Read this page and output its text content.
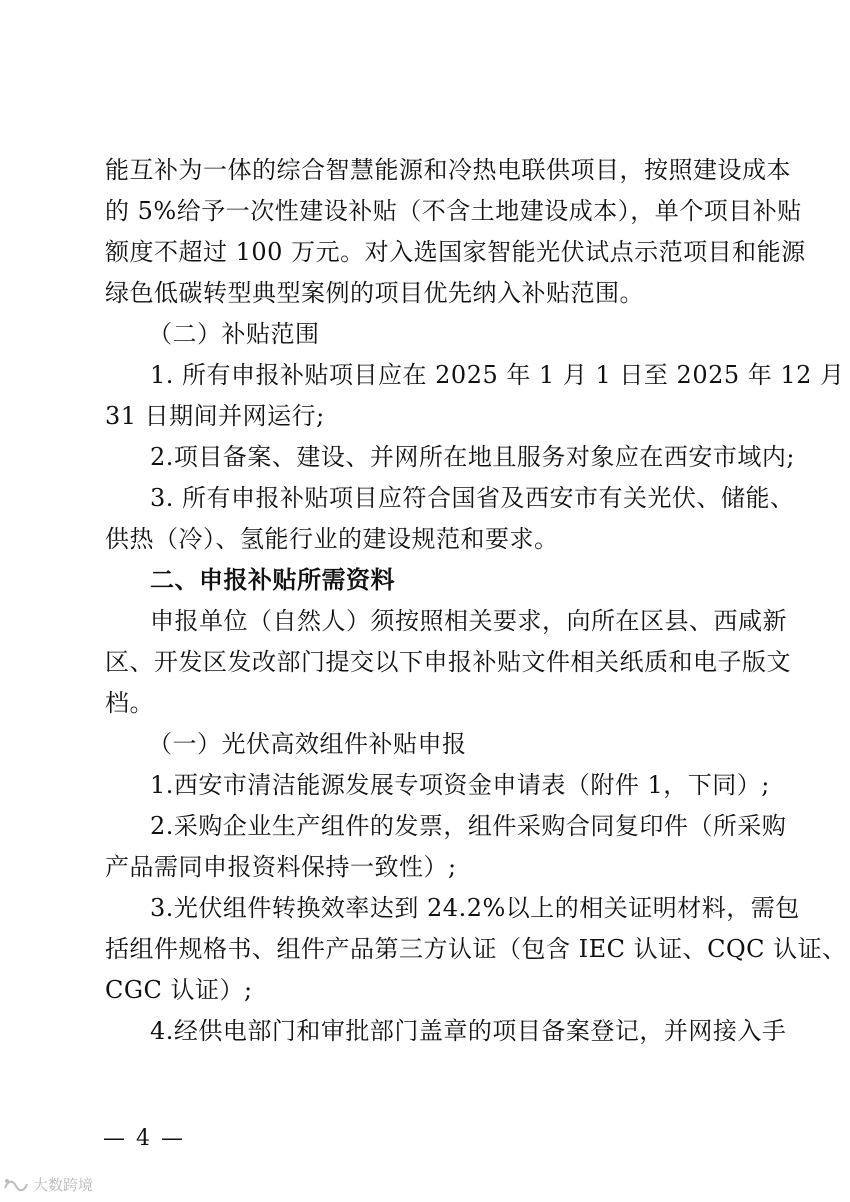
能互补为一体的综合智慧能源和冷热电联供项目，按照建设成本
的 5%给予一次性建设补贴（不含土地建设成本），单个项目补贴
额度不超过 100 万元。对入选国家智能光伏试点示范项目和能源
绿色低碳转型典型案例的项目优先纳入补贴范围。
（二）补贴范围
1. 所有申报补贴项目应在 2025 年 1 月 1 日至 2025 年 12 月
31 日期间并网运行;
2.项目备案、建设、并网所在地且服务对象应在西安市域内;
3. 所有申报补贴项目应符合国省及西安市有关光伏、储能、
供热（冷）、氢能行业的建设规范和要求。
二、申报补贴所需资料
申报单位（自然人）须按照相关要求，向所在区县、西咸新
区、开发区发改部门提交以下申报补贴文件相关纸质和电子版文
档。
（一）光伏高效组件补贴申报
1.西安市清洁能源发展专项资金申请表（附件 1，下同）;
2.采购企业生产组件的发票，组件采购合同复印件（所采购
产品需同申报资料保持一致性）;
3.光伏组件转换效率达到 24.2%以上的相关证明材料，需包
括组件规格书、组件产品第三方认证（包含 IEC 认证、CQC 认证、
CGC 认证）;
4.经供电部门和审批部门盖章的项目备案登记，并网接入手
— 4 —
大数跨境
